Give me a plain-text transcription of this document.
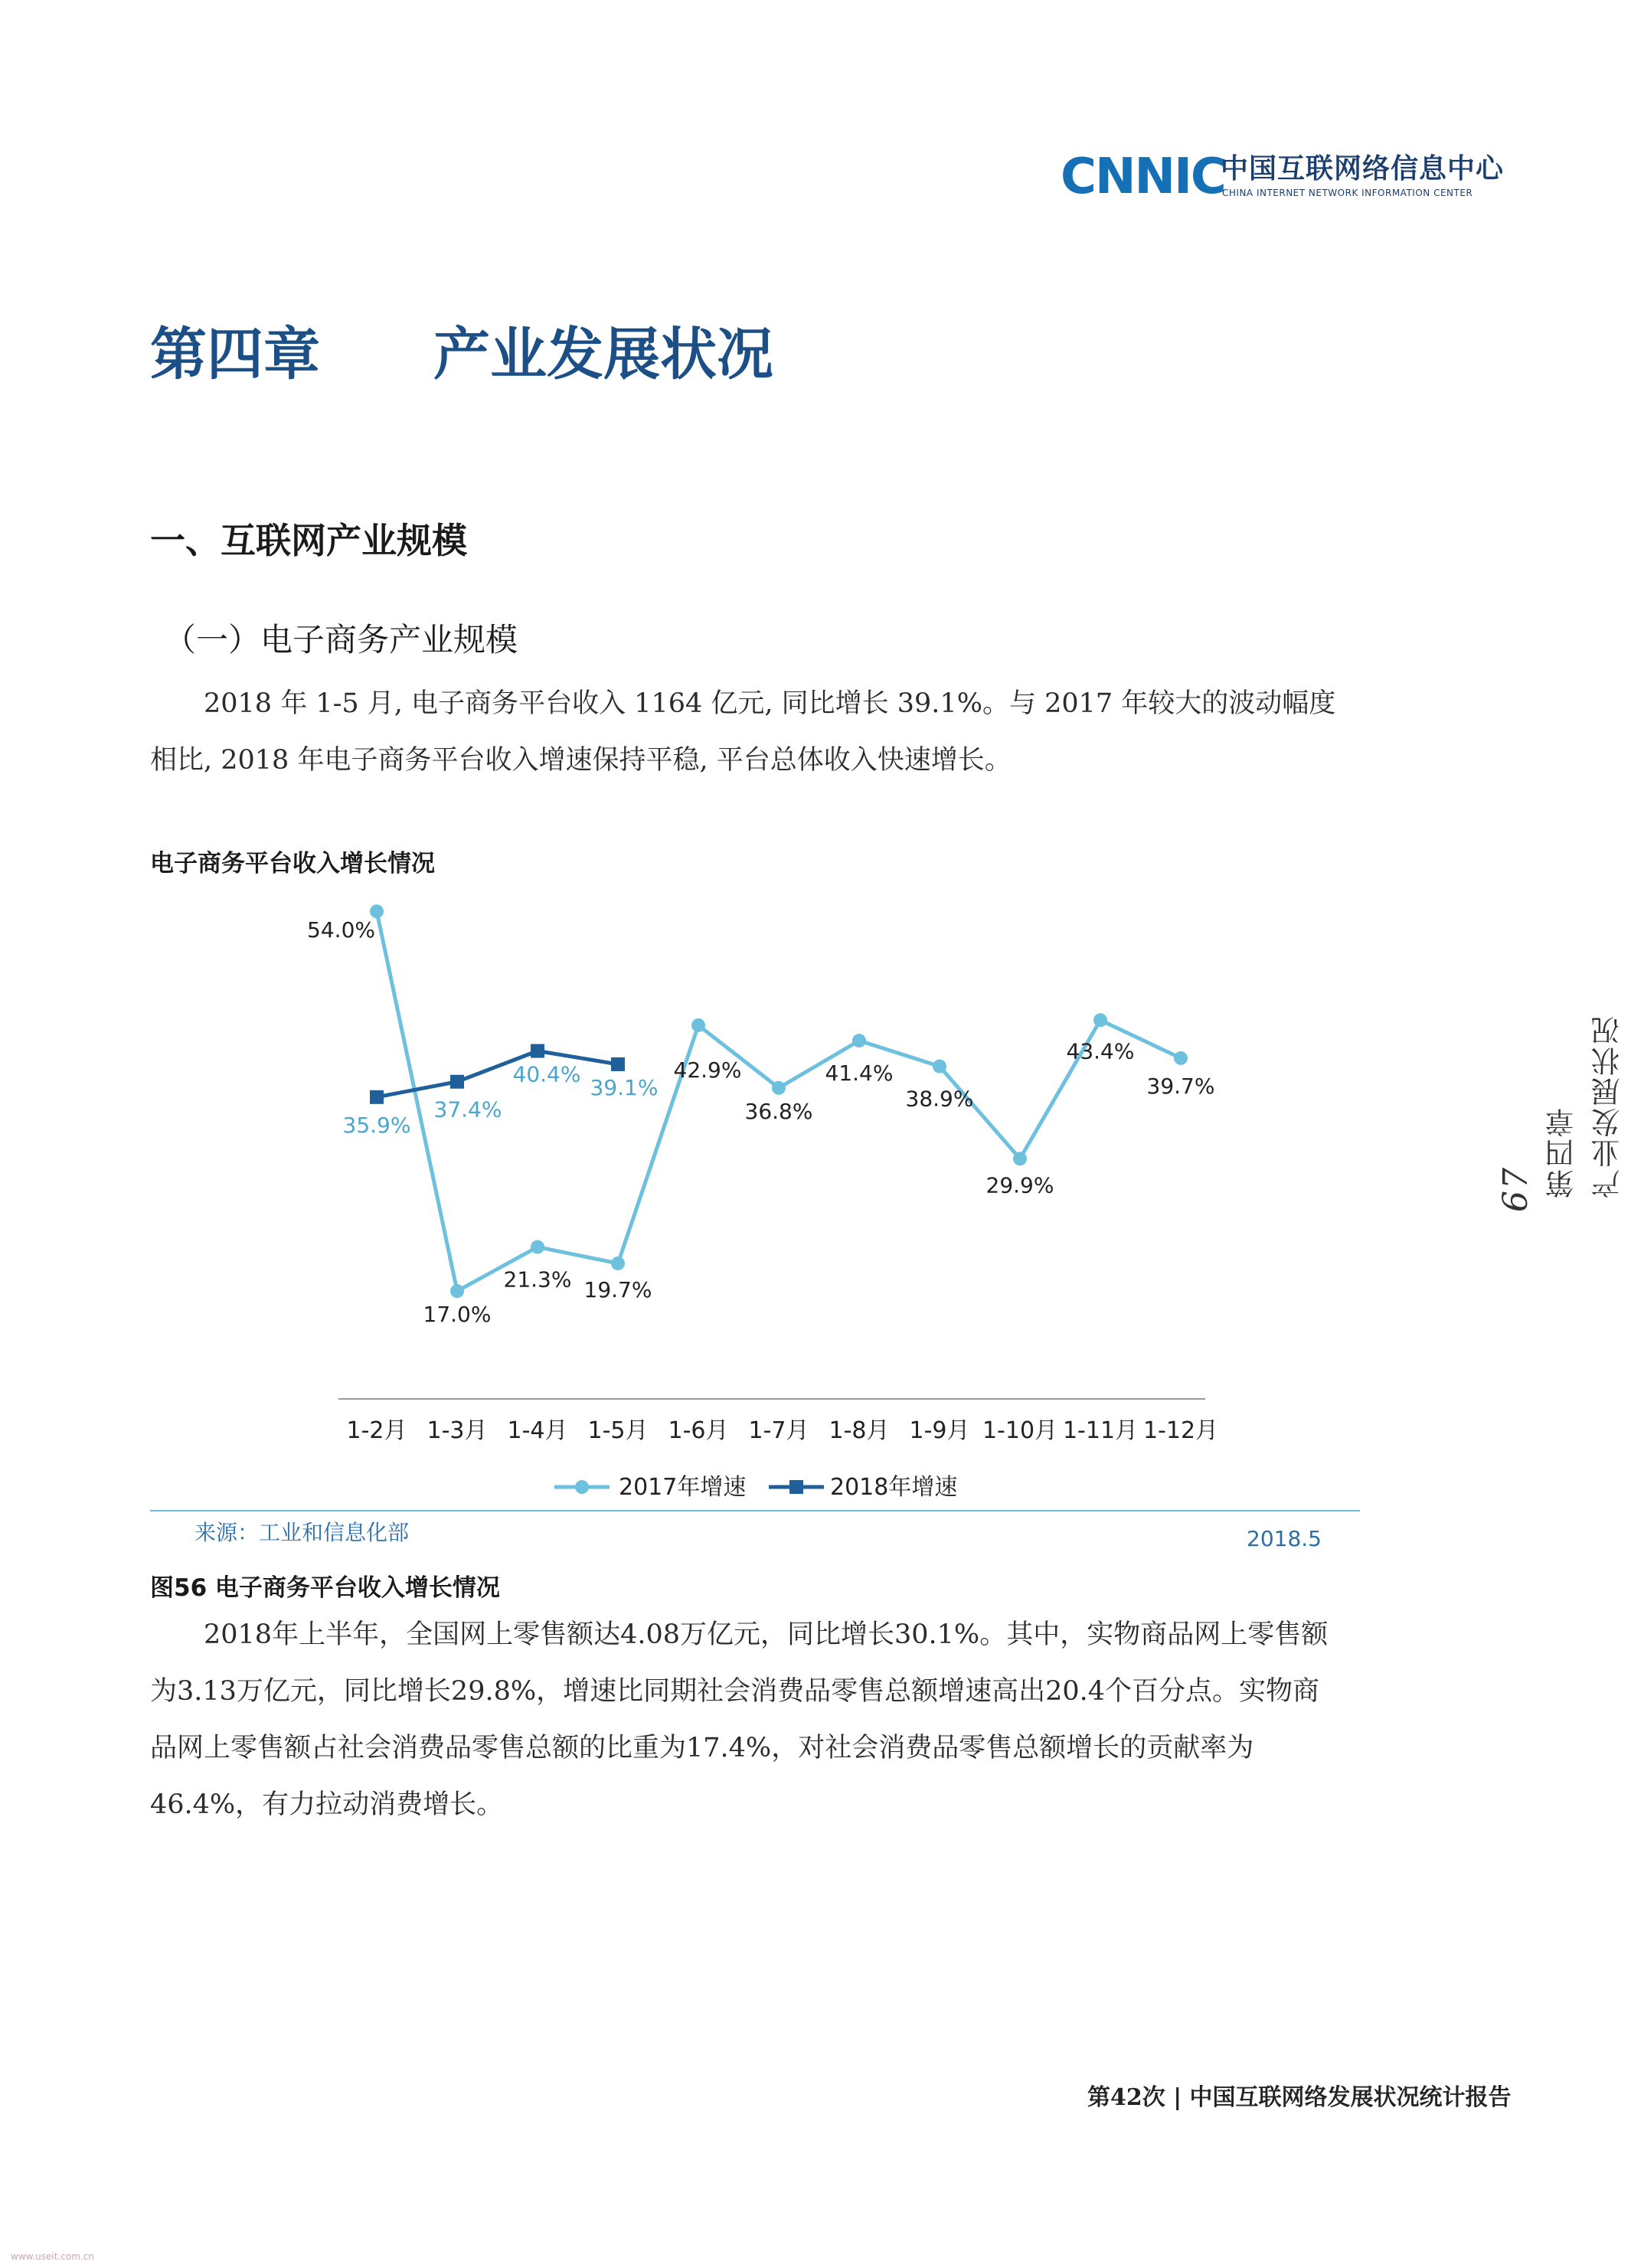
CNNIC
中国互联网络信息中心
CHINA INTERNET NETWORK INFORMATION CENTER
第四章　　产业发展状况
一、互联网产业规模
（一）电子商务产业规模

2018 年 1-5 月, 电子商务平台收入 1164 亿元, 同比增长 39.1%。与 2017 年较大的波动幅度相比, 2018 年电子商务平台收入增速保持平稳, 平台总体收入快速增长。

电子商务平台收入增长情况
1-2月 1-3月 1-4月 1-5月 1-6月 1-7月 1-8月 1-9月 1-10月 1-11月 1-12月
54.0%
17.0%
21.3% 19.7%
42.9%
36.8%
41.4%
38.9%
29.9%
43.4%
39.7%
35.9%
37.4%
40.4%
39.1%
2017年增速	2018年增速
来源：工业和信息化部	2018.5
图56 电子商务平台收入增长情况

2018年上半年，全国网上零售额达4.08万亿元，同比增长30.1%。其中，实物商品网上零售额为3.13万亿元，同比增长29.8%，增速比同期社会消费品零售总额增速高出20.4个百分点。实物商品网上零售额占社会消费品零售总额的比重为17.4%，对社会消费品零售总额增长的贡献率为46.4%，有力拉动消费增长。

67 第四章 产业发展状况
第42次 | 中国互联网络发展状况统计报告
www.useit.com.cn
